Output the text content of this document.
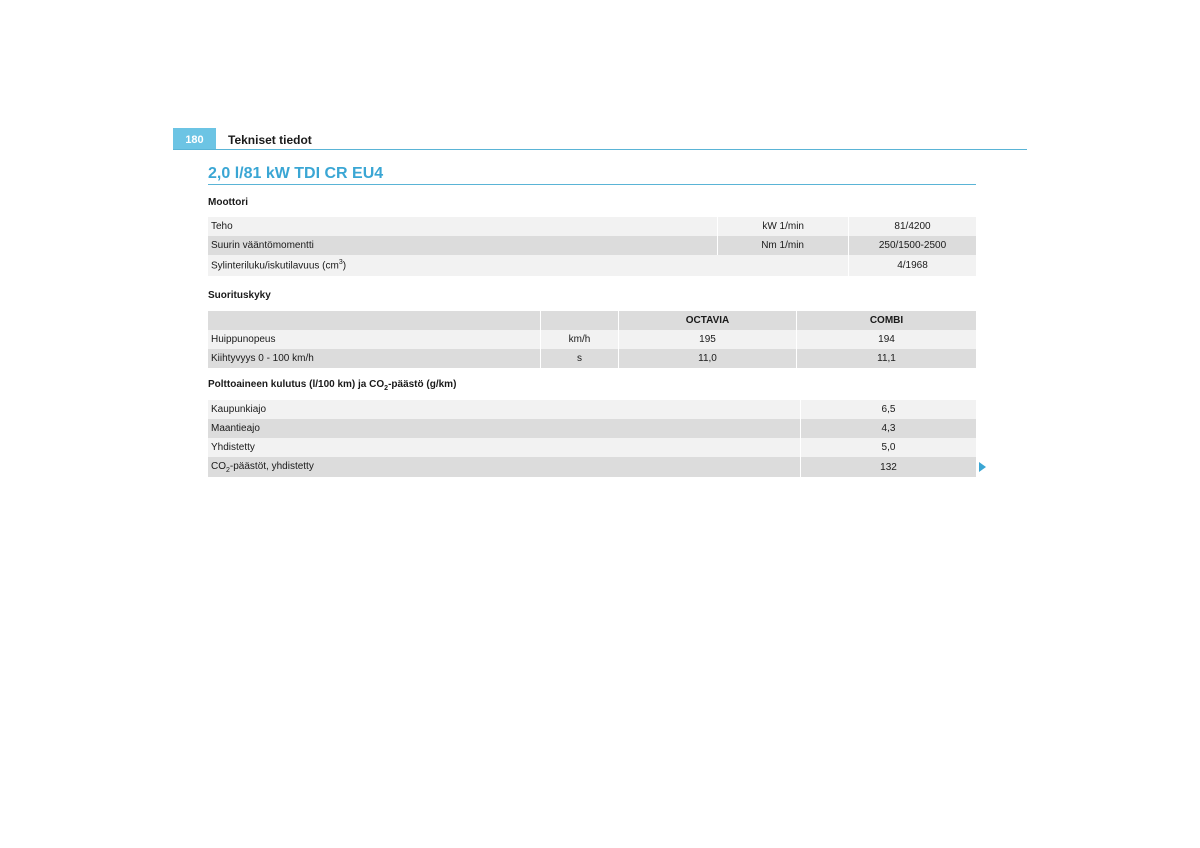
180	Tekniset tiedot
2,0 l/81 kW TDI CR EU4
Moottori
Teho	kW 1/min	81/4200
Suurin vääntömomentti	Nm 1/min	250/1500-2500
Sylinteriluku/iskutilavuus $(cm^3)$		4/1968
Suorituskyky
		OCTAVIA	COMBI
Huippunopeus	km/h	195	194
Kiihtyvyys 0 - 100 km/h	s	11,0	11,1
Polttoaineen kulutus (l/100 km) ja $CO_2$-päästö (g/km)
Kaupunkiajo	6,5
Maantieajo	4,3
Yhdistetty	5,0
$CO_2$-päästöt, yhdistetty	132
